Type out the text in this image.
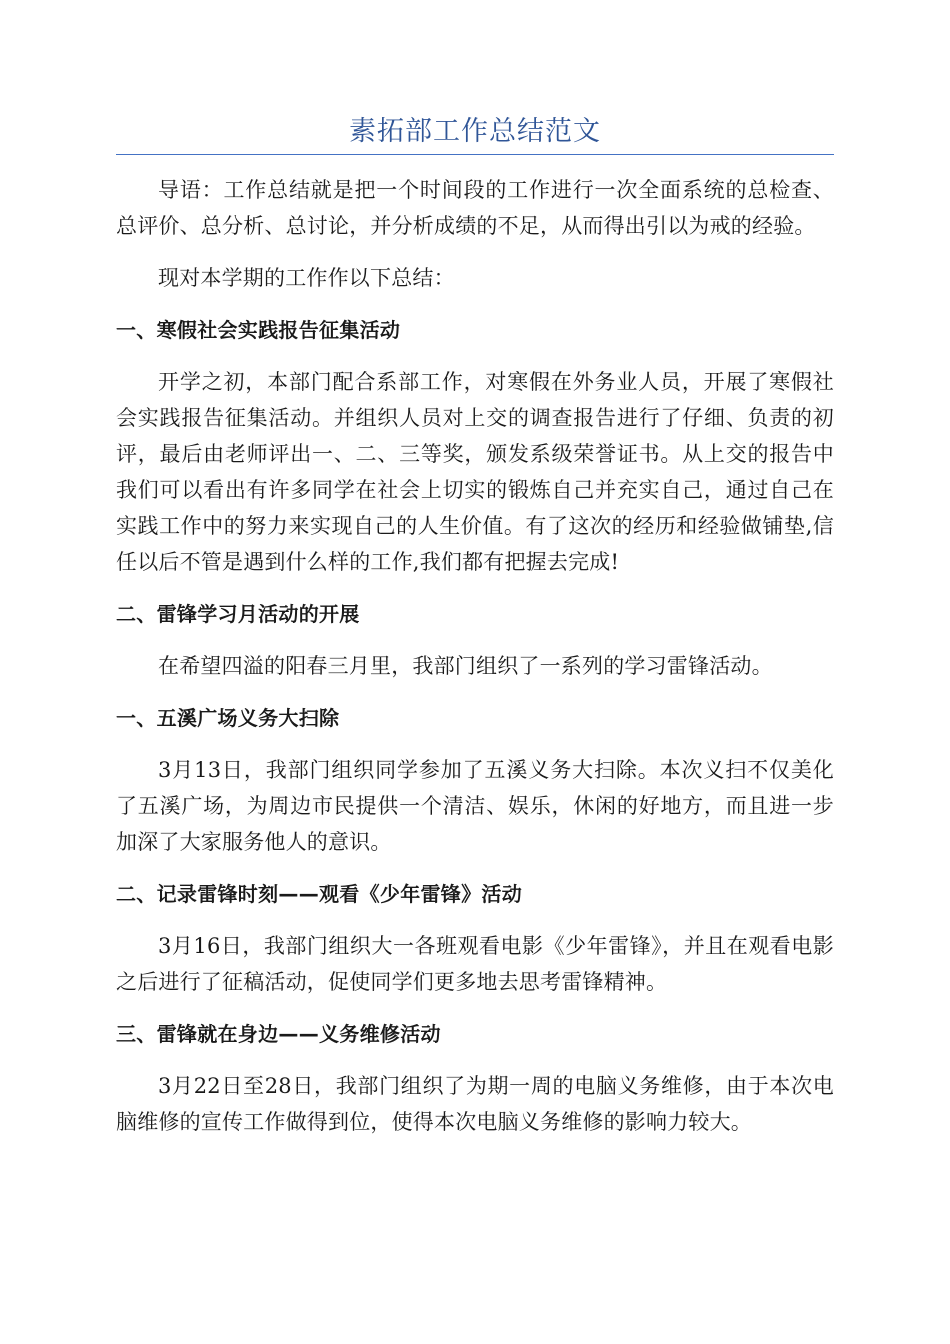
素拓部工作总结范文

导语：工作总结就是把一个时间段的工作进行一次全面系统的总检查、总评价、总分析、总讨论，并分析成绩的不足，从而得出引以为戒的经验。

现对本学期的工作作以下总结：

一、寒假社会实践报告征集活动

开学之初，本部门配合系部工作，对寒假在外务业人员，开展了寒假社会实践报告征集活动。并组织人员对上交的调查报告进行了仔细、负责的初评，最后由老师评出一、二、三等奖，颁发系级荣誉证书。从上交的报告中我们可以看出有许多同学在社会上切实的锻炼自己并充实自己，通过自己在实践工作中的努力来实现自己的人生价值。有了这次的经历和经验做铺垫,信任以后不管是遇到什么样的工作,我们都有把握去完成!

二、雷锋学习月活动的开展

在希望四溢的阳春三月里，我部门组织了一系列的学习雷锋活动。

一、五溪广场义务大扫除

3月13日，我部门组织同学参加了五溪义务大扫除。本次义扫不仅美化了五溪广场，为周边市民提供一个清洁、娱乐，休闲的好地方，而且进一步加深了大家服务他人的意识。

二、记录雷锋时刻——观看《少年雷锋》活动

3月16日，我部门组织大一各班观看电影《少年雷锋》，并且在观看电影之后进行了征稿活动，促使同学们更多地去思考雷锋精神。

三、雷锋就在身边——义务维修活动

3月22日至28日，我部门组织了为期一周的电脑义务维修，由于本次电脑维修的宣传工作做得到位，使得本次电脑义务维修的影响力较大。
